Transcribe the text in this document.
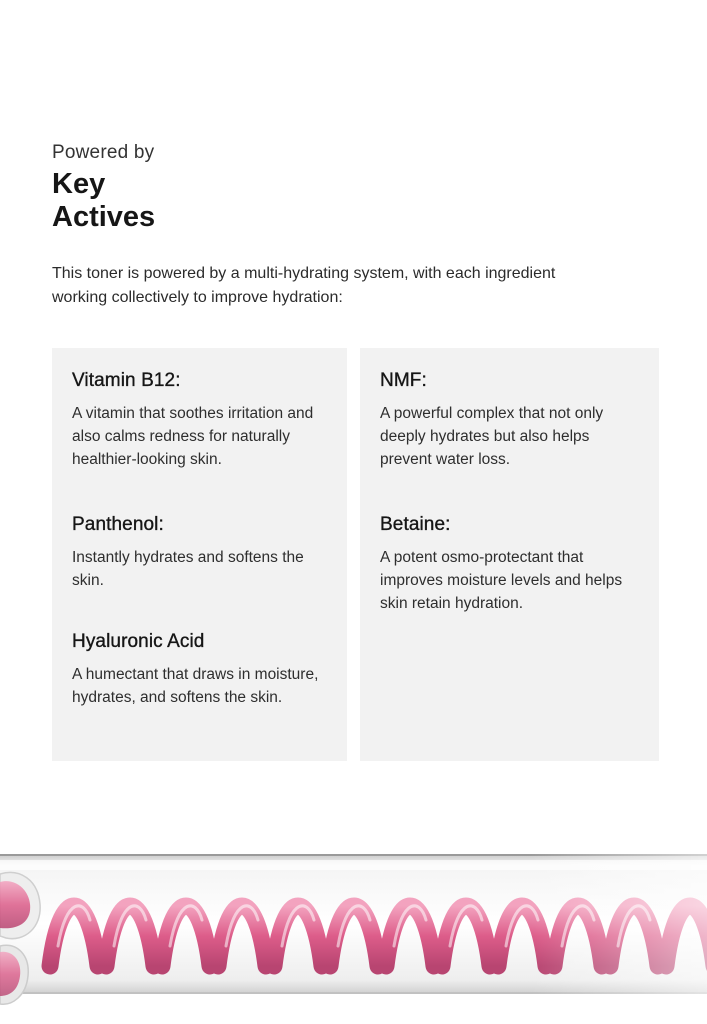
Powered by
Key
Actives

This toner is powered by a multi-hydrating system, with each ingredient working collectively to improve hydration:

Vitamin B12:

A vitamin that soothes irritation and also calms redness for naturally healthier-looking skin.

Panthenol:

Instantly hydrates and softens the skin.

Hyaluronic Acid

A humectant that draws in moisture, hydrates, and softens the skin.

NMF:

A powerful complex that not only deeply hydrates but also helps prevent water loss.

Betaine:

A potent osmo-protectant that improves moisture levels and helps skin retain hydration.
